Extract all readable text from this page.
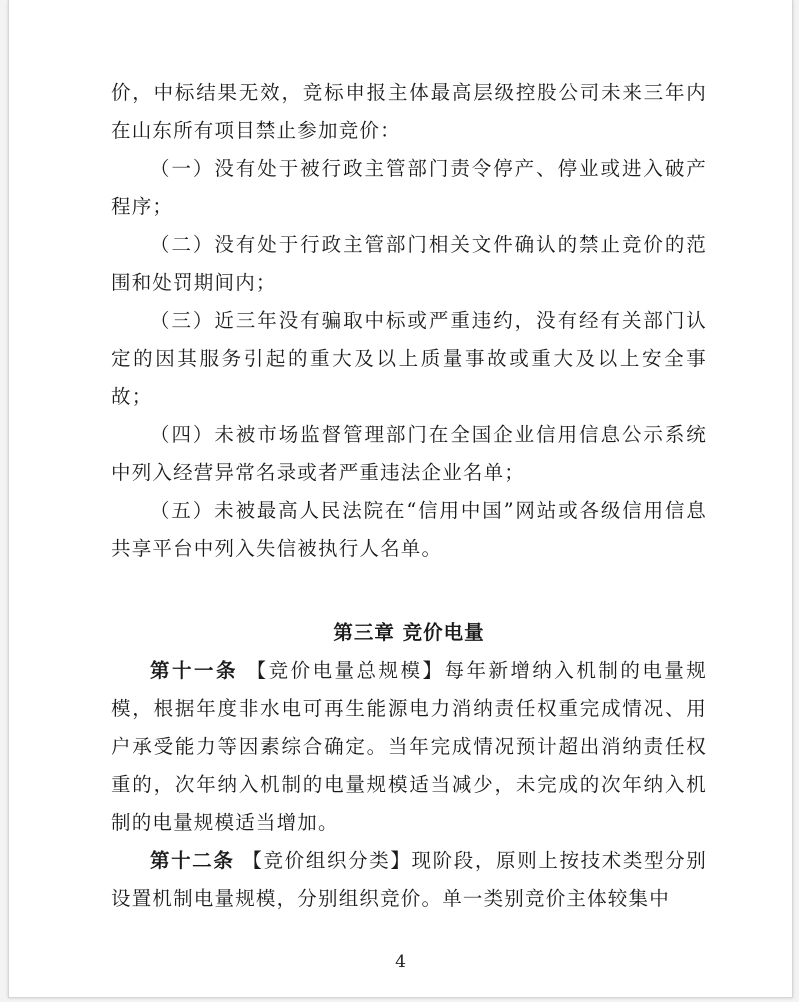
价，中标结果无效，竞标申报主体最高层级控股公司未来三年内在山东所有项目禁止参加竞价：

（一）没有处于被行政主管部门责令停产、停业或进入破产程序；

（二）没有处于行政主管部门相关文件确认的禁止竞价的范围和处罚期间内；

（三）近三年没有骗取中标或严重违约，没有经有关部门认定的因其服务引起的重大及以上质量事故或重大及以上安全事故；

（四）未被市场监督管理部门在全国企业信用信息公示系统中列入经营异常名录或者严重违法企业名单；

（五）未被最高人民法院在“信用中国”网站或各级信用信息共享平台中列入失信被执行人名单。

第三章 竞价电量

第十一条 【竞价电量总规模】每年新增纳入机制的电量规模，根据年度非水电可再生能源电力消纳责任权重完成情况、用户承受能力等因素综合确定。当年完成情况预计超出消纳责任权重的，次年纳入机制的电量规模适当减少，未完成的次年纳入机制的电量规模适当增加。

第十二条 【竞价组织分类】现阶段，原则上按技术类型分别设置机制电量规模，分别组织竞价。单一类别竞价主体较集中

4
